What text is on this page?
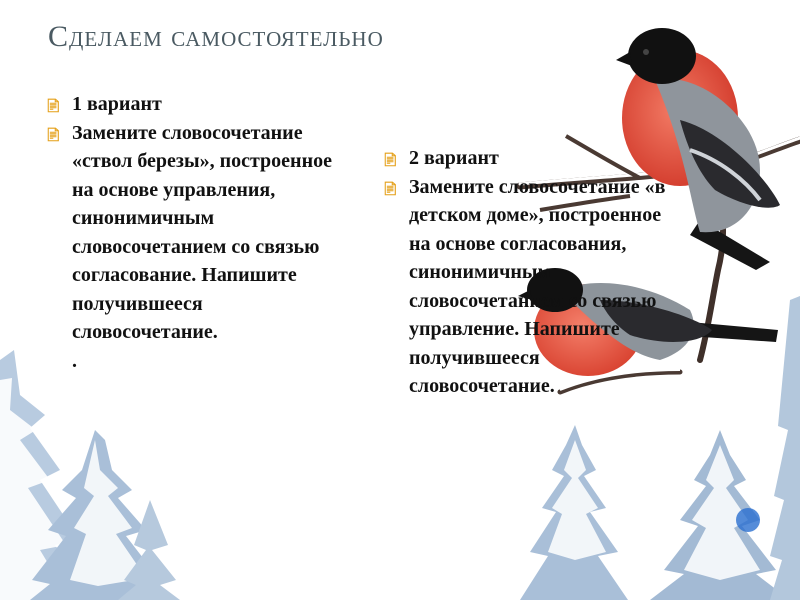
Сделаем самостоятельно
📄︎ 1 вариант
📄︎ Замените словосочетание «ствол березы», построенное на основе управления, синонимичным словосочетанием со связью согласование. Напишите получившееся словосочетание.
.
📄︎ 2 вариант
📄︎ Замените словосочетание «в детском доме», построенное на основе согласования, синонимичным словосочетанием со связью управление. Напишите получившееся словосочетание.
